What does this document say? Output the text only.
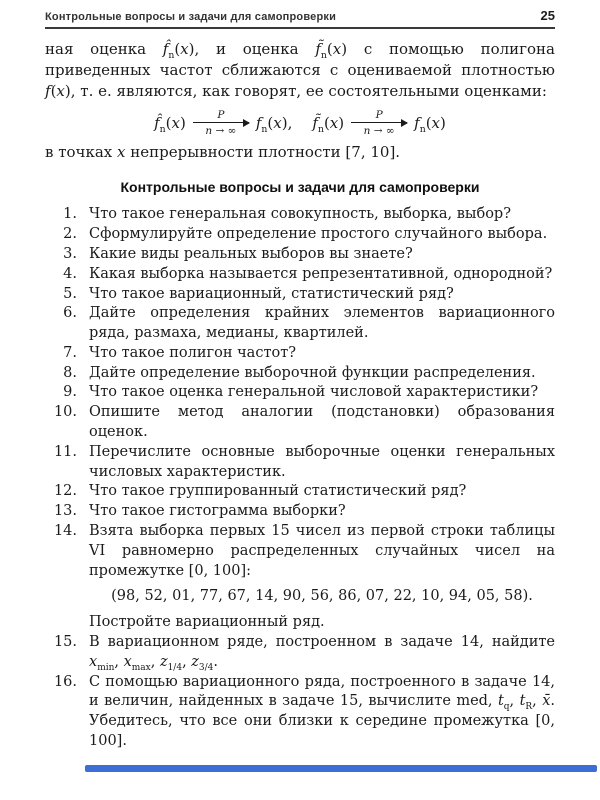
Контрольные вопросы и задачи для самопроверки	25

ная оценка $f̂_n(x)$, и оценка $f̃_n(x)$ с помощью полигона приведенных частот сближаются с оцениваемой плотностью f(x), т. е. являются, как говорят, ее состоятельными оценками:

$f̂_n(x)$	P
n → ∞ $f_n(x)$, $f̃_n(x)$	P
n → ∞ $f_n(x)$

в точках x непрерывности плотности [7, 10].

Контрольные вопросы и задачи для самопроверки
1. Что такое генеральная совокупность, выборка, выбор?
2. Сформулируйте определение простого случайного выбора.
3. Какие виды реальных выборов вы знаете?
4. Какая выборка называется репрезентативной, однородной?
5. Что такое вариационный, статистический ряд?
6. Дайте определения крайних элементов вариационного ряда, размаха, медианы, квартилей.
7. Что такое полигон частот?
8. Дайте определение выборочной функции распределения.
9. Что такое оценка генеральной числовой характеристики?
10. Опишите метод аналогии (подстановки) образования оценок.
11. Перечислите основные выборочные оценки генеральных числовых характеристик.
12. Что такое группированный статистический ряд?
13. Что такое гистограмма выборки?
14. Взята выборка первых 15 чисел из первой строки таблицы VI равномерно распределенных случайных чисел на промежутке [0, 100]:
(98, 52, 01, 77, 67, 14, 90, 56, 86, 07, 22, 10, 94, 05, 58).
Постройте вариационный ряд.
15. В вариационном ряде, построенном в задаче 14, найдите $x_{min}$, $x_{max}$, $z_{1/4}$, $z_{3/4}$.
16. С помощью вариационного ряда, построенного в задаче 14, и величин, найденных в задаче 15, вычислите med, $t_q$, $t_R$, x̄. Убедитесь, что все они близки к середине промежутка [0, 100].
